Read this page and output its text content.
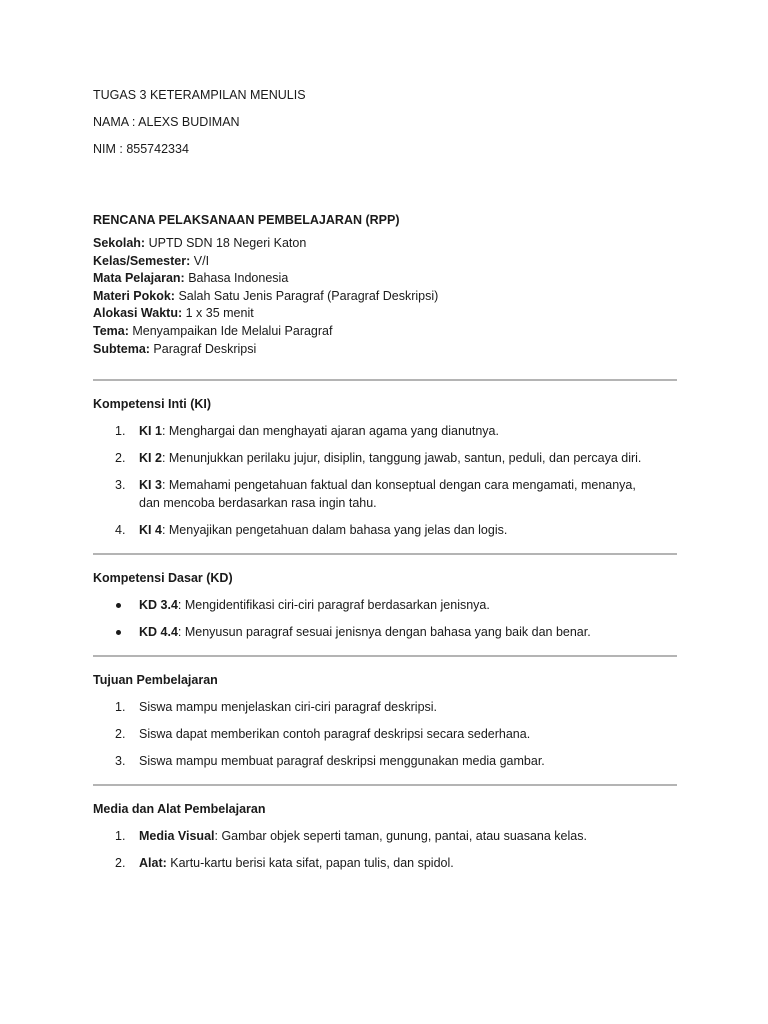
TUGAS 3 KETERAMPILAN MENULIS
NAMA : ALEXS BUDIMAN
NIM : 855742334
RENCANA PELAKSANAAN PEMBELAJARAN (RPP)
Sekolah: UPTD SDN 18 Negeri Katon
Kelas/Semester: V/I
Mata Pelajaran: Bahasa Indonesia
Materi Pokok: Salah Satu Jenis Paragraf (Paragraf Deskripsi)
Alokasi Waktu: 1 x 35 menit
Tema: Menyampaikan Ide Melalui Paragraf
Subtema: Paragraf Deskripsi
Kompetensi Inti (KI)
1. KI 1: Menghargai dan menghayati ajaran agama yang dianutnya.
2. KI 2: Menunjukkan perilaku jujur, disiplin, tanggung jawab, santun, peduli, dan percaya diri.
3. KI 3: Memahami pengetahuan faktual dan konseptual dengan cara mengamati, menanya,
dan mencoba berdasarkan rasa ingin tahu.
4. KI 4: Menyajikan pengetahuan dalam bahasa yang jelas dan logis.
Kompetensi Dasar (KD)
KD 3.4: Mengidentifikasi ciri-ciri paragraf berdasarkan jenisnya.
KD 4.4: Menyusun paragraf sesuai jenisnya dengan bahasa yang baik dan benar.
Tujuan Pembelajaran
1. Siswa mampu menjelaskan ciri-ciri paragraf deskripsi.
2. Siswa dapat memberikan contoh paragraf deskripsi secara sederhana.
3. Siswa mampu membuat paragraf deskripsi menggunakan media gambar.
Media dan Alat Pembelajaran
1. Media Visual: Gambar objek seperti taman, gunung, pantai, atau suasana kelas.
2. Alat: Kartu-kartu berisi kata sifat, papan tulis, dan spidol.
